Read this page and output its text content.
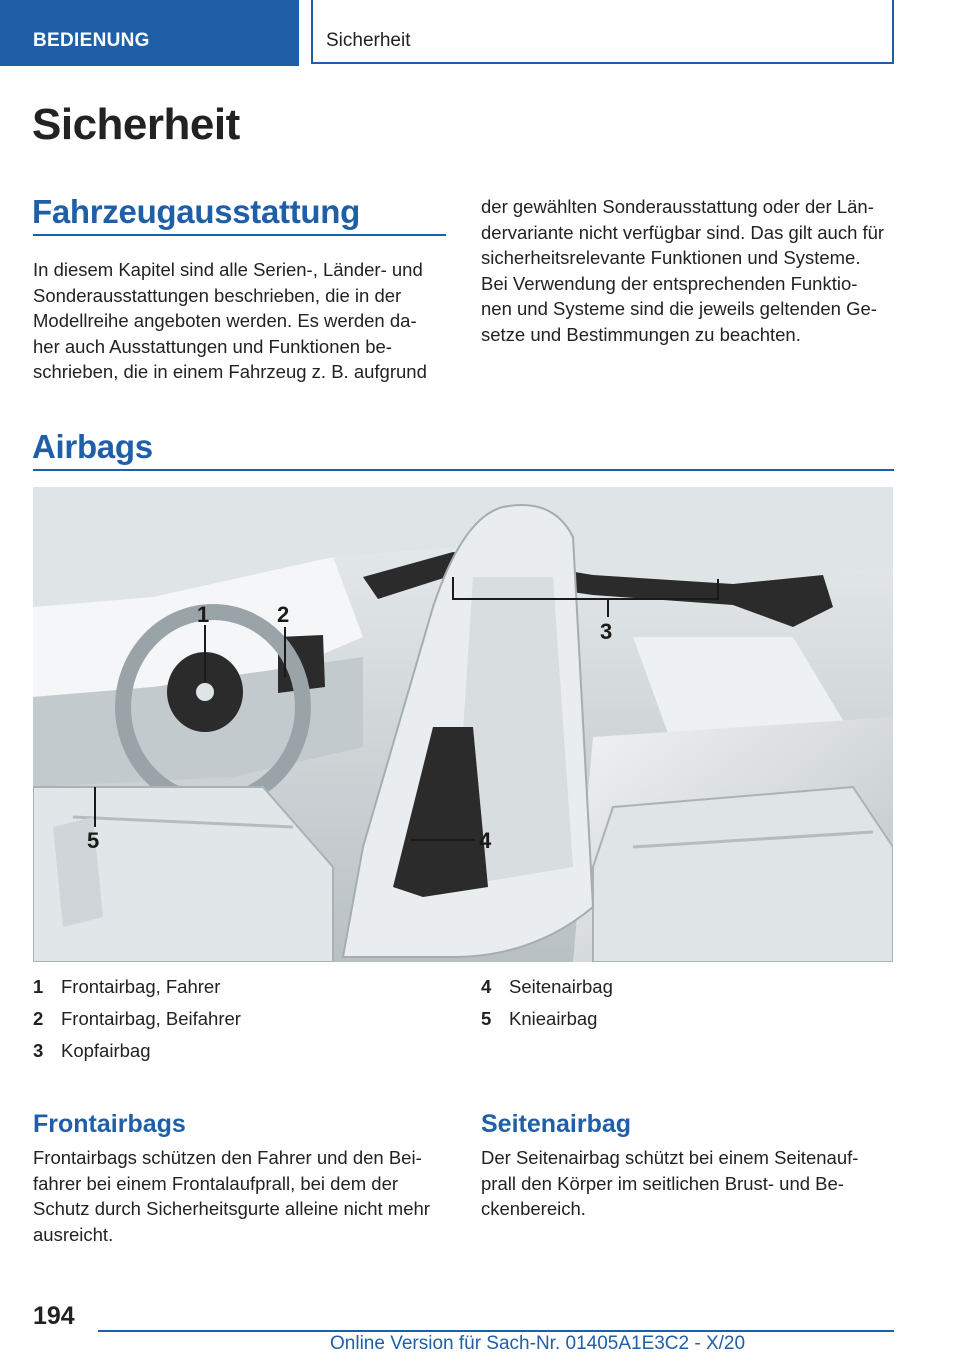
BEDIENUNG	Sicherheit
Sicherheit
Fahrzeugausstattung
In diesem Kapitel sind alle Serien-, Länder- und
Sonderausstattungen beschrieben, die in der
Modellreihe angeboten werden. Es werden da-
her auch Ausstattungen und Funktionen be-
schrieben, die in einem Fahrzeug z. B. aufgrund
der gewählten Sonderausstattung oder der Län-
dervariante nicht verfügbar sind. Das gilt auch für
sicherheitsrelevante Funktionen und Systeme.
Bei Verwendung der entsprechenden Funktio-
nen und Systeme sind die jeweils geltenden Ge-
setze und Bestimmungen zu beachten.
Airbags
1	2
3
4
5
1 Frontairbag, Fahrer
2 Frontairbag, Beifahrer
3 Kopfairbag
4 Seitenairbag
5 Knieairbag
Frontairbags
Frontairbags schützen den Fahrer und den Bei-
fahrer bei einem Frontalaufprall, bei dem der
Schutz durch Sicherheitsgurte alleine nicht mehr
ausreicht.
Seitenairbag
Der Seitenairbag schützt bei einem Seitenauf-
prall den Körper im seitlichen Brust- und Be-
ckenbereich.
194
Online Version für Sach-Nr. 01405A1E3C2 - X/20
